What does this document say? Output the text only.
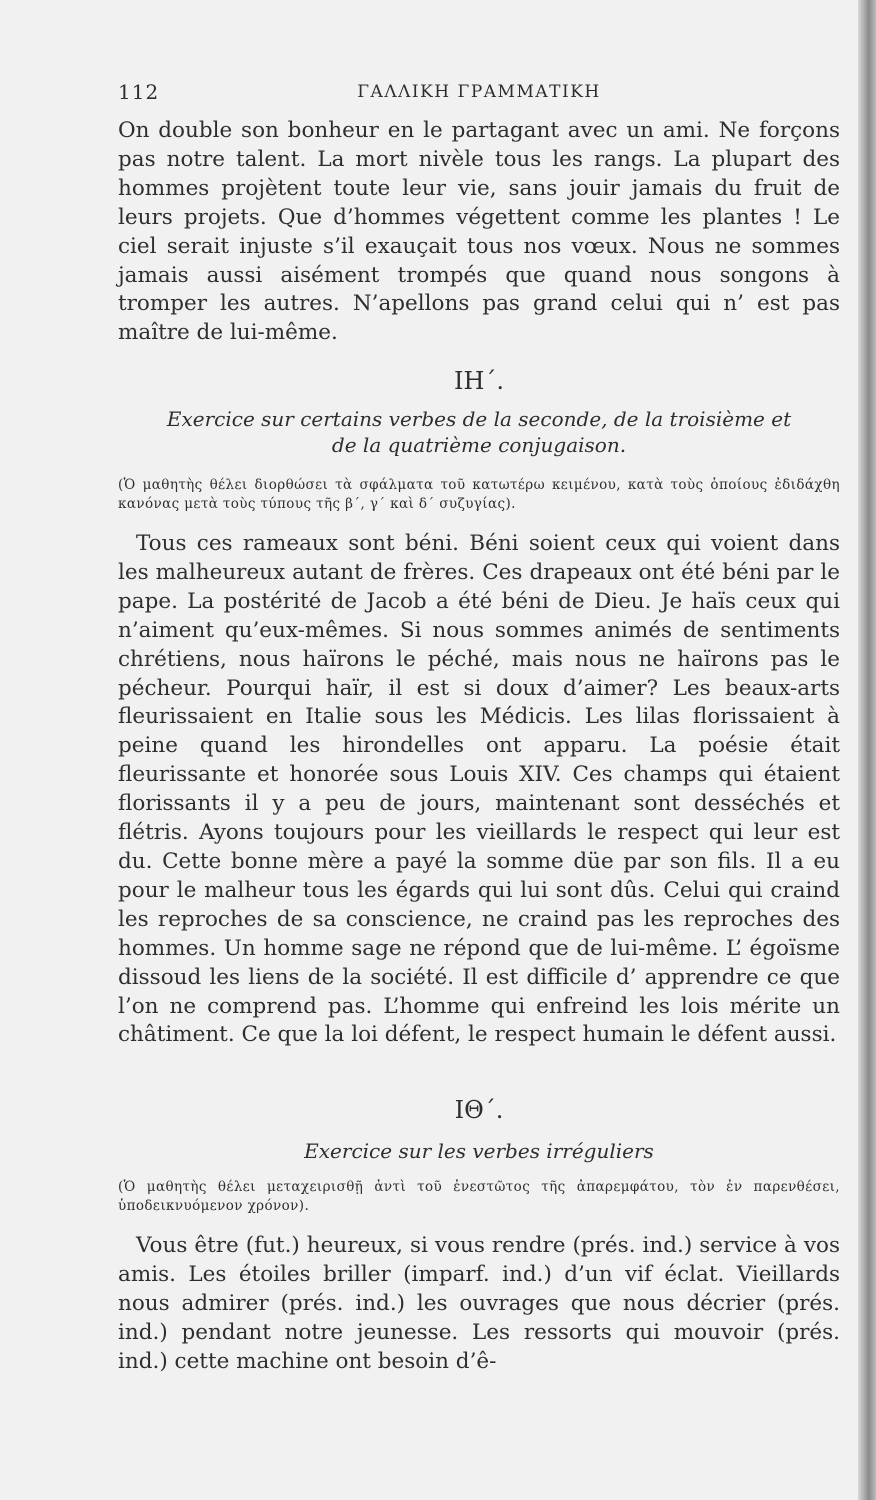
112	ΓΑΛΛΙΚΗ ΓΡΑΜΜΑΤΙΚΗ

On double son bonheur en le partagant avec un ami. Ne forçons pas notre talent. La mort nivèle tous les rangs. La plupart des hommes projètent toute leur vie, sans jouir jamais du fruit de leurs projets. Que d’hommes végettent comme les plantes ! Le ciel serait injuste s’il exauçait tous nos vœux. Nous ne sommes jamais aussi aisément trompés que quand nous songons à tromper les autres. N’apellons pas grand celui qui n’ est pas maître de lui-même.

ΙΗ΄.

Exercice sur certains verbes de la seconde, de la troisième et de la quatrième conjugaison.

(Ὁ μαθητὴς θέλει διορθώσει τὰ σφάλματα τοῦ κατωτέρω κειμένου, κατὰ τοὺς ὁποίους ἐδιδάχθη κανόνας μετὰ τοὺς τύπους τῆς β΄, γ΄ καὶ δ΄ συζυγίας).

Tous ces rameaux sont béni. Béni soient ceux qui voient dans les malheureux autant de frères. Ces drapeaux ont été béni par le pape. La postérité de Jacob a été béni de Dieu. Je haïs ceux qui n’aiment qu’eux-mêmes. Si nous sommes animés de sentiments chrétiens, nous haïrons le péché, mais nous ne haïrons pas le pécheur. Pourqui haïr, il est si doux d’aimer? Les beaux-arts fleurissaient en Italie sous les Médicis. Les lilas florissaient à peine quand les hirondelles ont apparu. La poésie était fleurissante et honorée sous Louis XIV. Ces champs qui étaient florissants il y a peu de jours, maintenant sont desséchés et flétris. Ayons toujours pour les vieillards le respect qui leur est du. Cette bonne mère a payé la somme düe par son fils. Il a eu pour le malheur tous les égards qui lui sont dûs. Celui qui craind les reproches de sa conscience, ne craind pas les reproches des hommes. Un homme sage ne répond que de lui-même. L’ égoïsme dissoud les liens de la société. Il est difficile d’ apprendre ce que l’on ne comprend pas. L’homme qui enfreind les lois mérite un châtiment. Ce que la loi défent, le respect humain le défent aussi.

ΙΘ΄.

Exercice sur les verbes irréguliers

(Ὁ μαθητὴς θέλει μεταχειρισθῇ ἀντὶ τοῦ ἐνεστῶτος τῆς ἀπαρεμφάτου, τὸν ἐν παρενθέσει, ὑποδεικνυόμενον χρόνον).

Vous être (fut.) heureux, si vous rendre (prés. ind.) service à vos amis. Les étoiles briller (imparf. ind.) d’un vif éclat. Vieillards nous admirer (prés. ind.) les ouvrages que nous décrier (prés. ind.) pendant notre jeunesse. Les ressorts qui mouvoir (prés. ind.) cette machine ont besoin d’ê-
